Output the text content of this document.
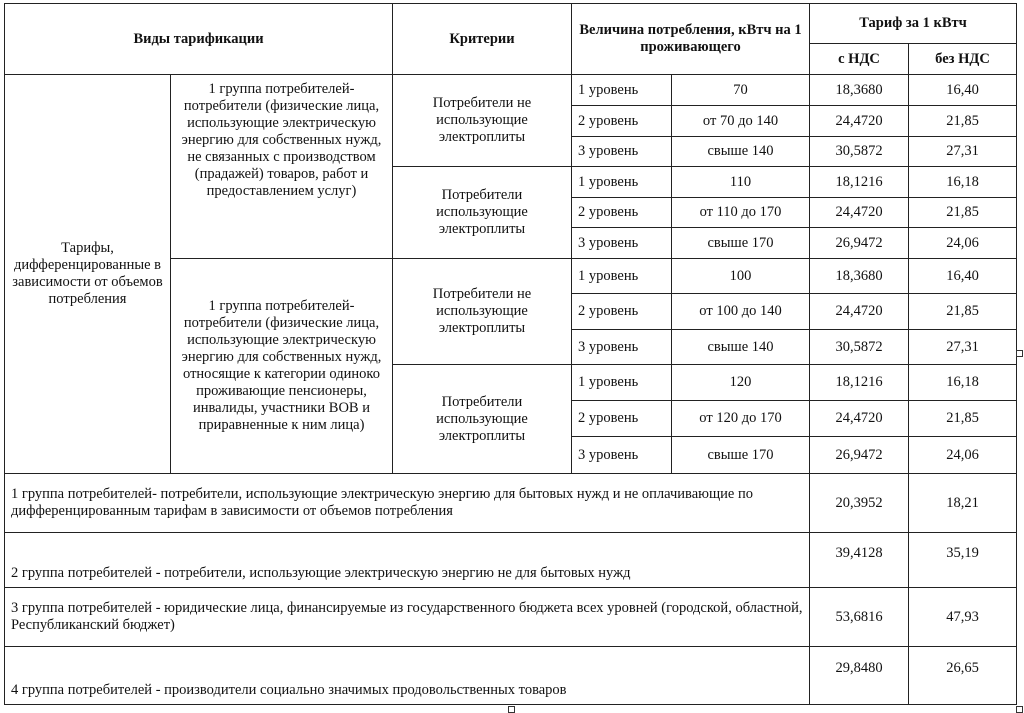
Виды тарификации		Критерии	Величина потребления, кВтч на 1 проживающего		Тариф за 1 кВтч	
					с НДС	без НДС
Тарифы, дифференцированные в зависимости от объемов потребления	1 группа потребителей-потребители (физические лица, использующие электрическую энергию для собственных нужд, не связанных с производством (прадажей) товаров, работ и предоставлением услуг)	Потребители не использующие электроплиты	1 уровень	70	18,3680	16,40
			2 уровень	от 70 до 140	24,4720	21,85
			3 уровень	свыше 140	30,5872	27,31
		Потребители использующие электроплиты	1 уровень	110	18,1216	16,18
			2 уровень	от 110 до 170	24,4720	21,85
			3 уровень	свыше 170	26,9472	24,06
	1 группа потребителей-потребители (физические лица, использующие электрическую энергию для собственных нужд, относящие к категории одиноко проживающие пенсионеры, инвалиды, участники ВОВ и приравненные к ним лица)	Потребители не использующие электроплиты	1 уровень	100	18,3680	16,40
			2 уровень	от 100 до 140	24,4720	21,85
			3 уровень	свыше 140	30,5872	27,31
		Потребители использующие электроплиты	1 уровень	120	18,1216	16,18
			2 уровень	от 120 до 170	24,4720	21,85
			3 уровень	свыше 170	26,9472	24,06
1 группа потребителей- потребители, использующие электрическую энергию для бытовых нужд и не оплачивающие по дифференцированным тарифам в зависимости от объемов потребления					20,3952	18,21
2 группа потребителей - потребители, использующие электрическую энергию не для бытовых нужд					39,4128	35,19
3 группа потребителей - юридические лица, финансируемые из государственного бюджета всех уровней (городской, областной, Республиканский бюджет)					53,6816	47,93
4 группа потребителей - производители социально значимых продовольственных товаров					29,8480	26,65
